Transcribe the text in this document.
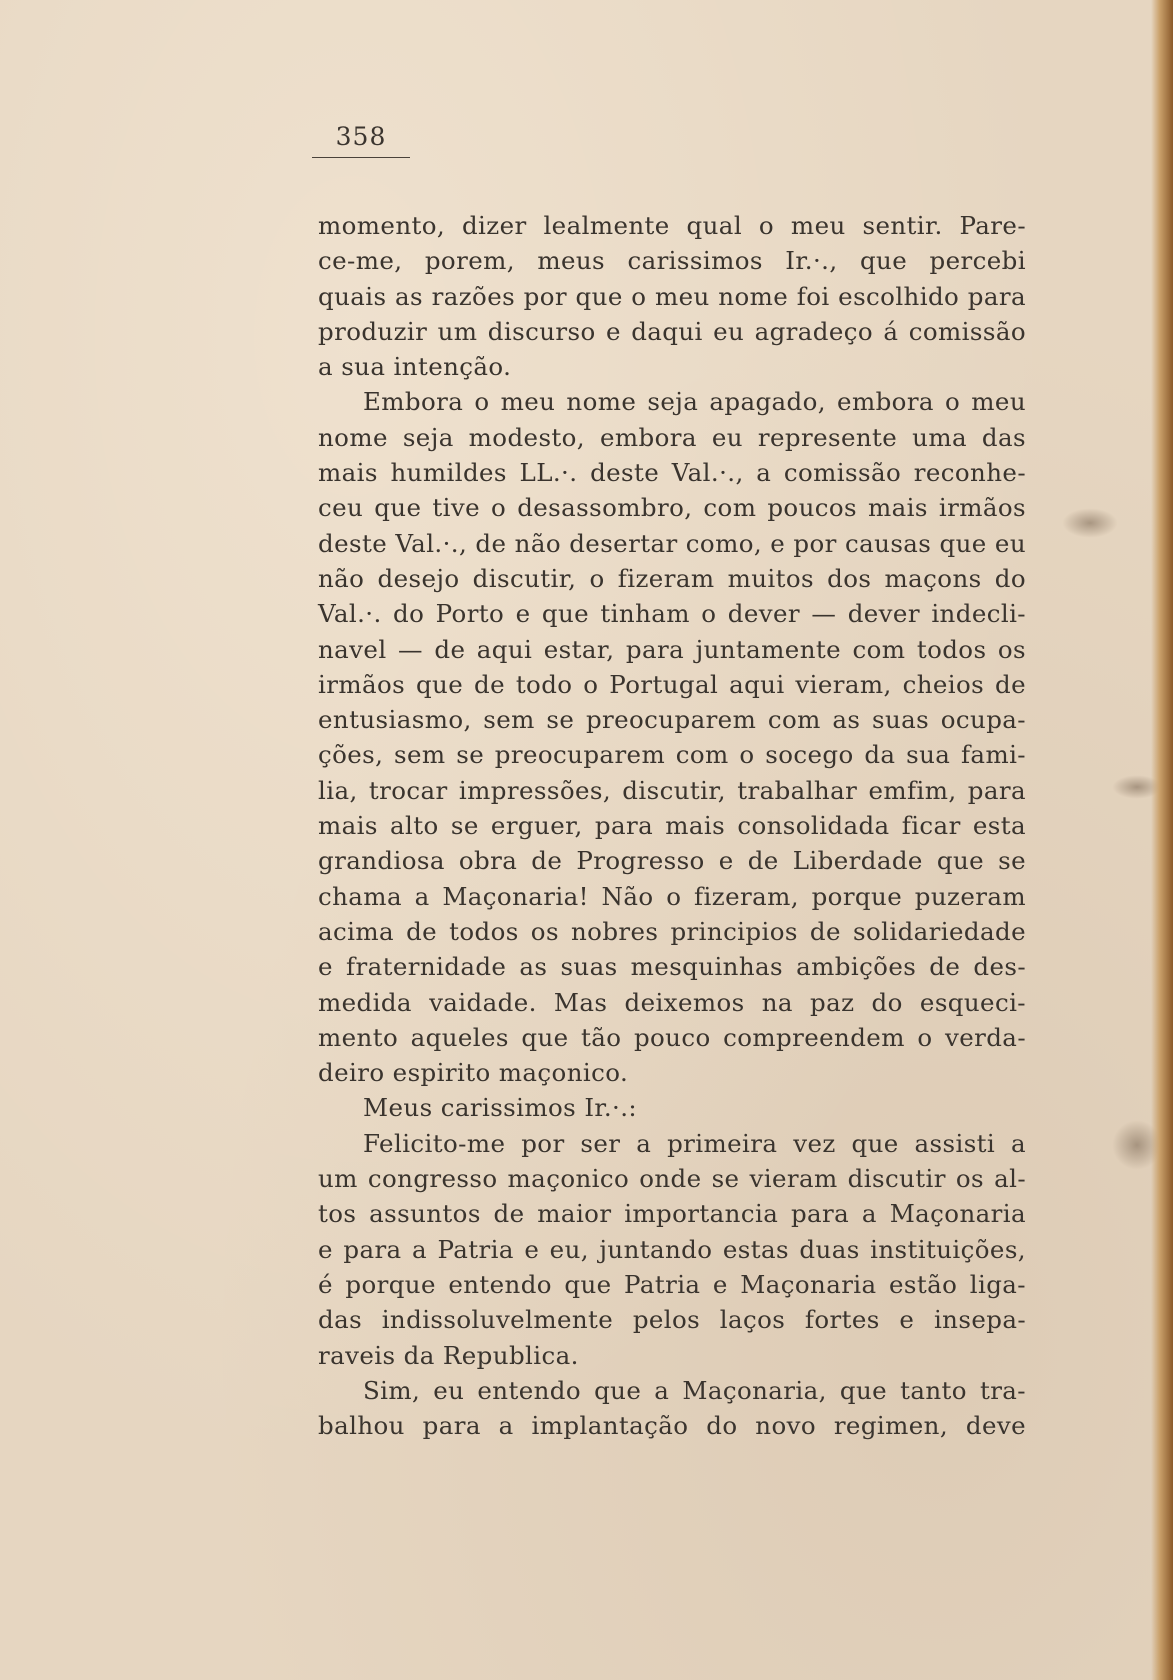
358
momento, dizer lealmente qual o meu sentir. Pare-
ce-me, porem, meus carissimos Ir.·., que percebi
quais as razões por que o meu nome foi escolhido para
produzir um discurso e daqui eu agradeço á comissão
a sua intenção.
Embora o meu nome seja apagado, embora o meu
nome seja modesto, embora eu represente uma das
mais humildes LL.·. deste Val.·., a comissão reconhe-
ceu que tive o desassombro, com poucos mais irmãos
deste Val.·., de não desertar como, e por causas que eu
não desejo discutir, o fizeram muitos dos maçons do
Val.·. do Porto e que tinham o dever — dever indecli-
navel — de aqui estar, para juntamente com todos os
irmãos que de todo o Portugal aqui vieram, cheios de
entusiasmo, sem se preocuparem com as suas ocupa-
ções, sem se preocuparem com o socego da sua fami-
lia, trocar impressões, discutir, trabalhar emfim, para
mais alto se erguer, para mais consolidada ficar esta
grandiosa obra de Progresso e de Liberdade que se
chama a Maçonaria! Não o fizeram, porque puzeram
acima de todos os nobres principios de solidariedade
e fraternidade as suas mesquinhas ambições de des-
medida vaidade. Mas deixemos na paz do esqueci-
mento aqueles que tão pouco compreendem o verda-
deiro espirito maçonico.
Meus carissimos Ir.·.:
Felicito-me por ser a primeira vez que assisti a
um congresso maçonico onde se vieram discutir os al-
tos assuntos de maior importancia para a Maçonaria
e para a Patria e eu, juntando estas duas instituições,
é porque entendo que Patria e Maçonaria estão liga-
das indissoluvelmente pelos laços fortes e insepa-
raveis da Republica.
Sim, eu entendo que a Maçonaria, que tanto tra-
balhou para a implantação do novo regimen, deve
